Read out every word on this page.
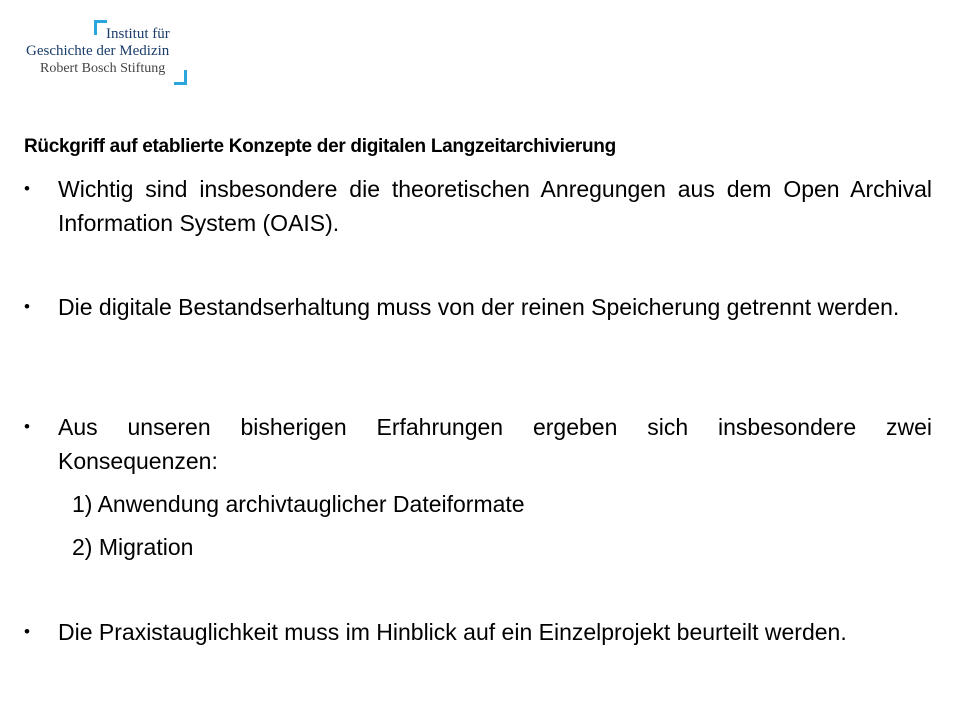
Institut für
Geschichte der Medizin
Robert Bosch Stiftung
Rückgriff auf etablierte Konzepte der digitalen Langzeitarchivierung
• Wichtig sind insbesondere die theoretischen Anregungen aus dem Open Archival Information System (OAIS).
• Die digitale Bestandserhaltung muss von der reinen Speicherung getrennt werden.
• Aus unseren bisherigen Erfahrungen ergeben sich insbesondere zwei Konsequenzen:
1) Anwendung archivtauglicher Dateiformate
2) Migration
• Die Praxistauglichkeit muss im Hinblick auf ein Einzelprojekt beurteilt werden.
